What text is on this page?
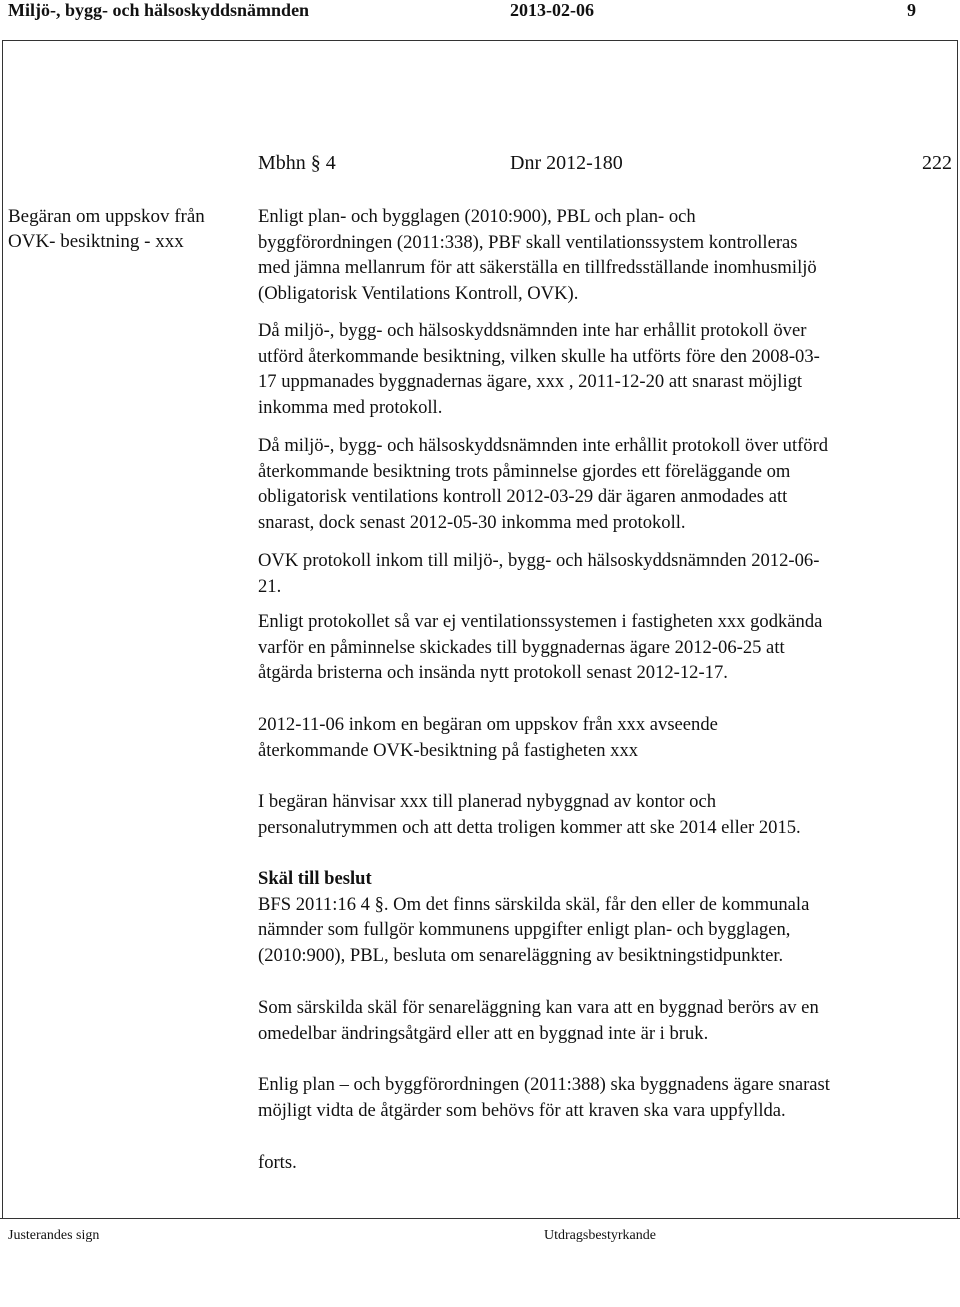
Miljö-, bygg- och hälsoskyddsnämnden	2013-02-06	9
Mbhn § 4	Dnr 2012-180	222
Begäran om uppskov från
OVK- besiktning - xxx

Enligt plan- och bygglagen (2010:900), PBL och plan- och

byggförordningen (2011:338), PBF skall ventilationssystem kontrolleras

med jämna mellanrum för att säkerställa en tillfredsställande inomhusmiljö

(Obligatorisk Ventilations Kontroll, OVK).

Då miljö-, bygg- och hälsoskyddsnämnden inte har erhållit protokoll över

utförd återkommande besiktning, vilken skulle ha utförts före den 2008-03-

17 uppmanades byggnadernas ägare, xxx , 2011-12-20 att snarast möjligt

inkomma med protokoll.

Då miljö-, bygg- och hälsoskyddsnämnden inte erhållit protokoll över utförd

återkommande besiktning trots påminnelse gjordes ett föreläggande om

obligatorisk ventilations kontroll 2012-03-29 där ägaren anmodades att

snarast, dock senast 2012-05-30 inkomma med protokoll.

OVK protokoll inkom till miljö-, bygg- och hälsoskyddsnämnden 2012-06-

21.

Enligt protokollet så var ej ventilationssystemen i fastigheten xxx godkända

varför en påminnelse skickades till byggnadernas ägare 2012-06-25 att

åtgärda bristerna och insända nytt protokoll senast 2012-12-17.

2012-11-06 inkom en begäran om uppskov från xxx avseende

återkommande OVK-besiktning på fastigheten xxx

I begäran hänvisar xxx till planerad nybyggnad av kontor och

personalutrymmen och att detta troligen kommer att ske 2014 eller 2015.

Skäl till beslut

BFS 2011:16 4 §. Om det finns särskilda skäl, får den eller de kommunala

nämnder som fullgör kommunens uppgifter enligt plan- och bygglagen,

(2010:900), PBL, besluta om senareläggning av besiktningstidpunkter.

Som särskilda skäl för senareläggning kan vara att en byggnad berörs av en

omedelbar ändringsåtgärd eller att en byggnad inte är i bruk.

Enlig plan – och byggförordningen (2011:388) ska byggnadens ägare snarast

möjligt vidta de åtgärder som behövs för att kraven ska vara uppfyllda.

forts.

Justerandes sign	Utdragsbestyrkande
